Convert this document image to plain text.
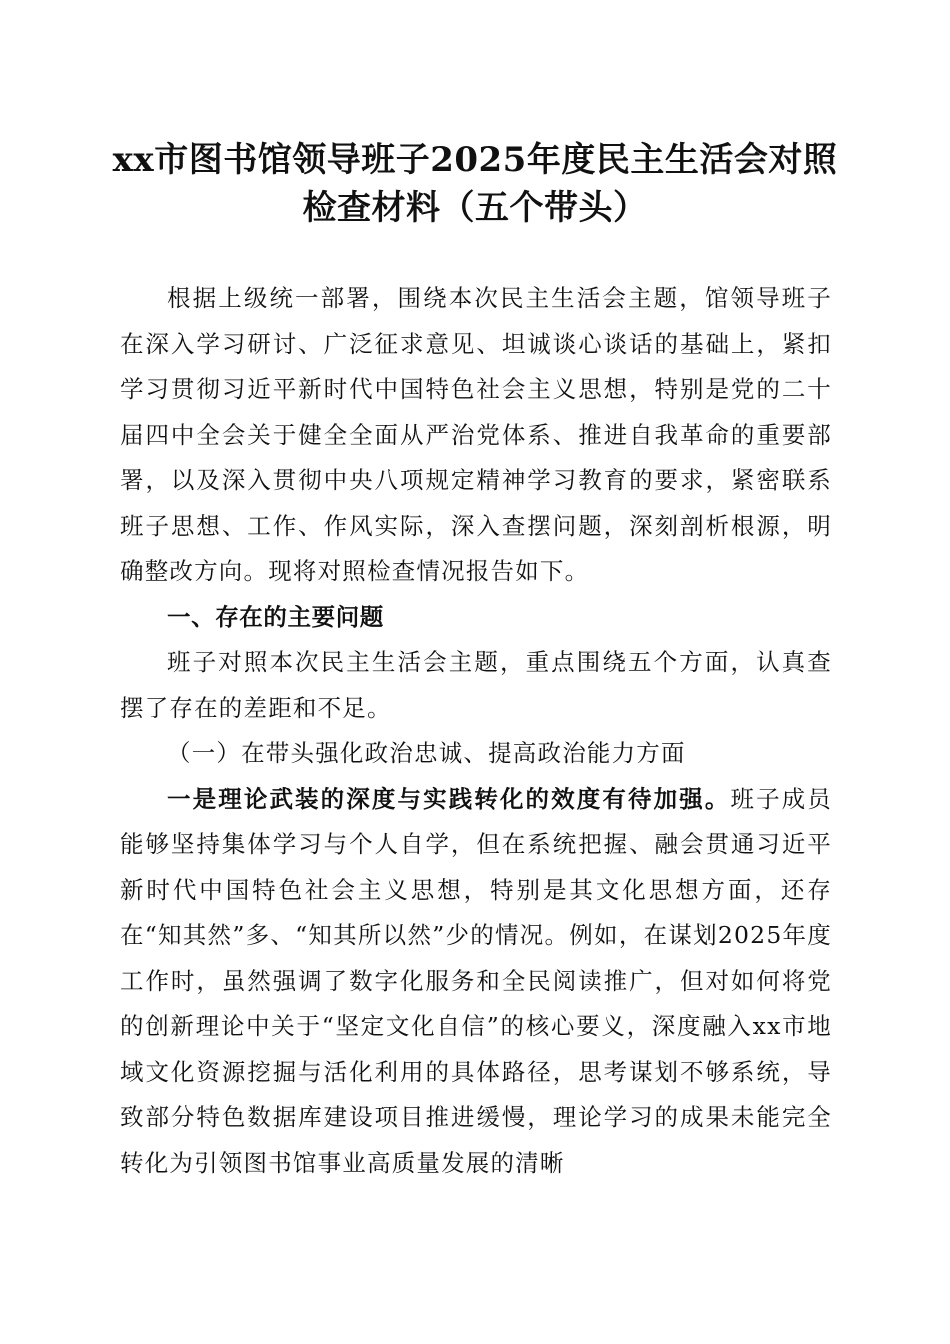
xx市图书馆领导班子2025年度民主生活会对照检查材料（五个带头）

根据上级统一部署，围绕本次民主生活会主题，馆领导班子在深入学习研讨、广泛征求意见、坦诚谈心谈话的基础上，紧扣学习贯彻习近平新时代中国特色社会主义思想，特别是党的二十届四中全会关于健全全面从严治党体系、推进自我革命的重要部署，以及深入贯彻中央八项规定精神学习教育的要求，紧密联系班子思想、工作、作风实际，深入查摆问题，深刻剖析根源，明确整改方向。现将对照检查情况报告如下。

一、存在的主要问题

班子对照本次民主生活会主题，重点围绕五个方面，认真查摆了存在的差距和不足。

（一）在带头强化政治忠诚、提高政治能力方面

一是理论武装的深度与实践转化的效度有待加强。班子成员能够坚持集体学习与个人自学，但在系统把握、融会贯通习近平新时代中国特色社会主义思想，特别是其文化思想方面，还存在“知其然”多、“知其所以然”少的情况。例如，在谋划2025年度工作时，虽然强调了数字化服务和全民阅读推广，但对如何将党的创新理论中关于“坚定文化自信”的核心要义，深度融入xx市地域文化资源挖掘与活化利用的具体路径，思考谋划不够系统，导致部分特色数据库建设项目推进缓慢，理论学习的成果未能完全转化为引领图书馆事业高质量发展的清晰
